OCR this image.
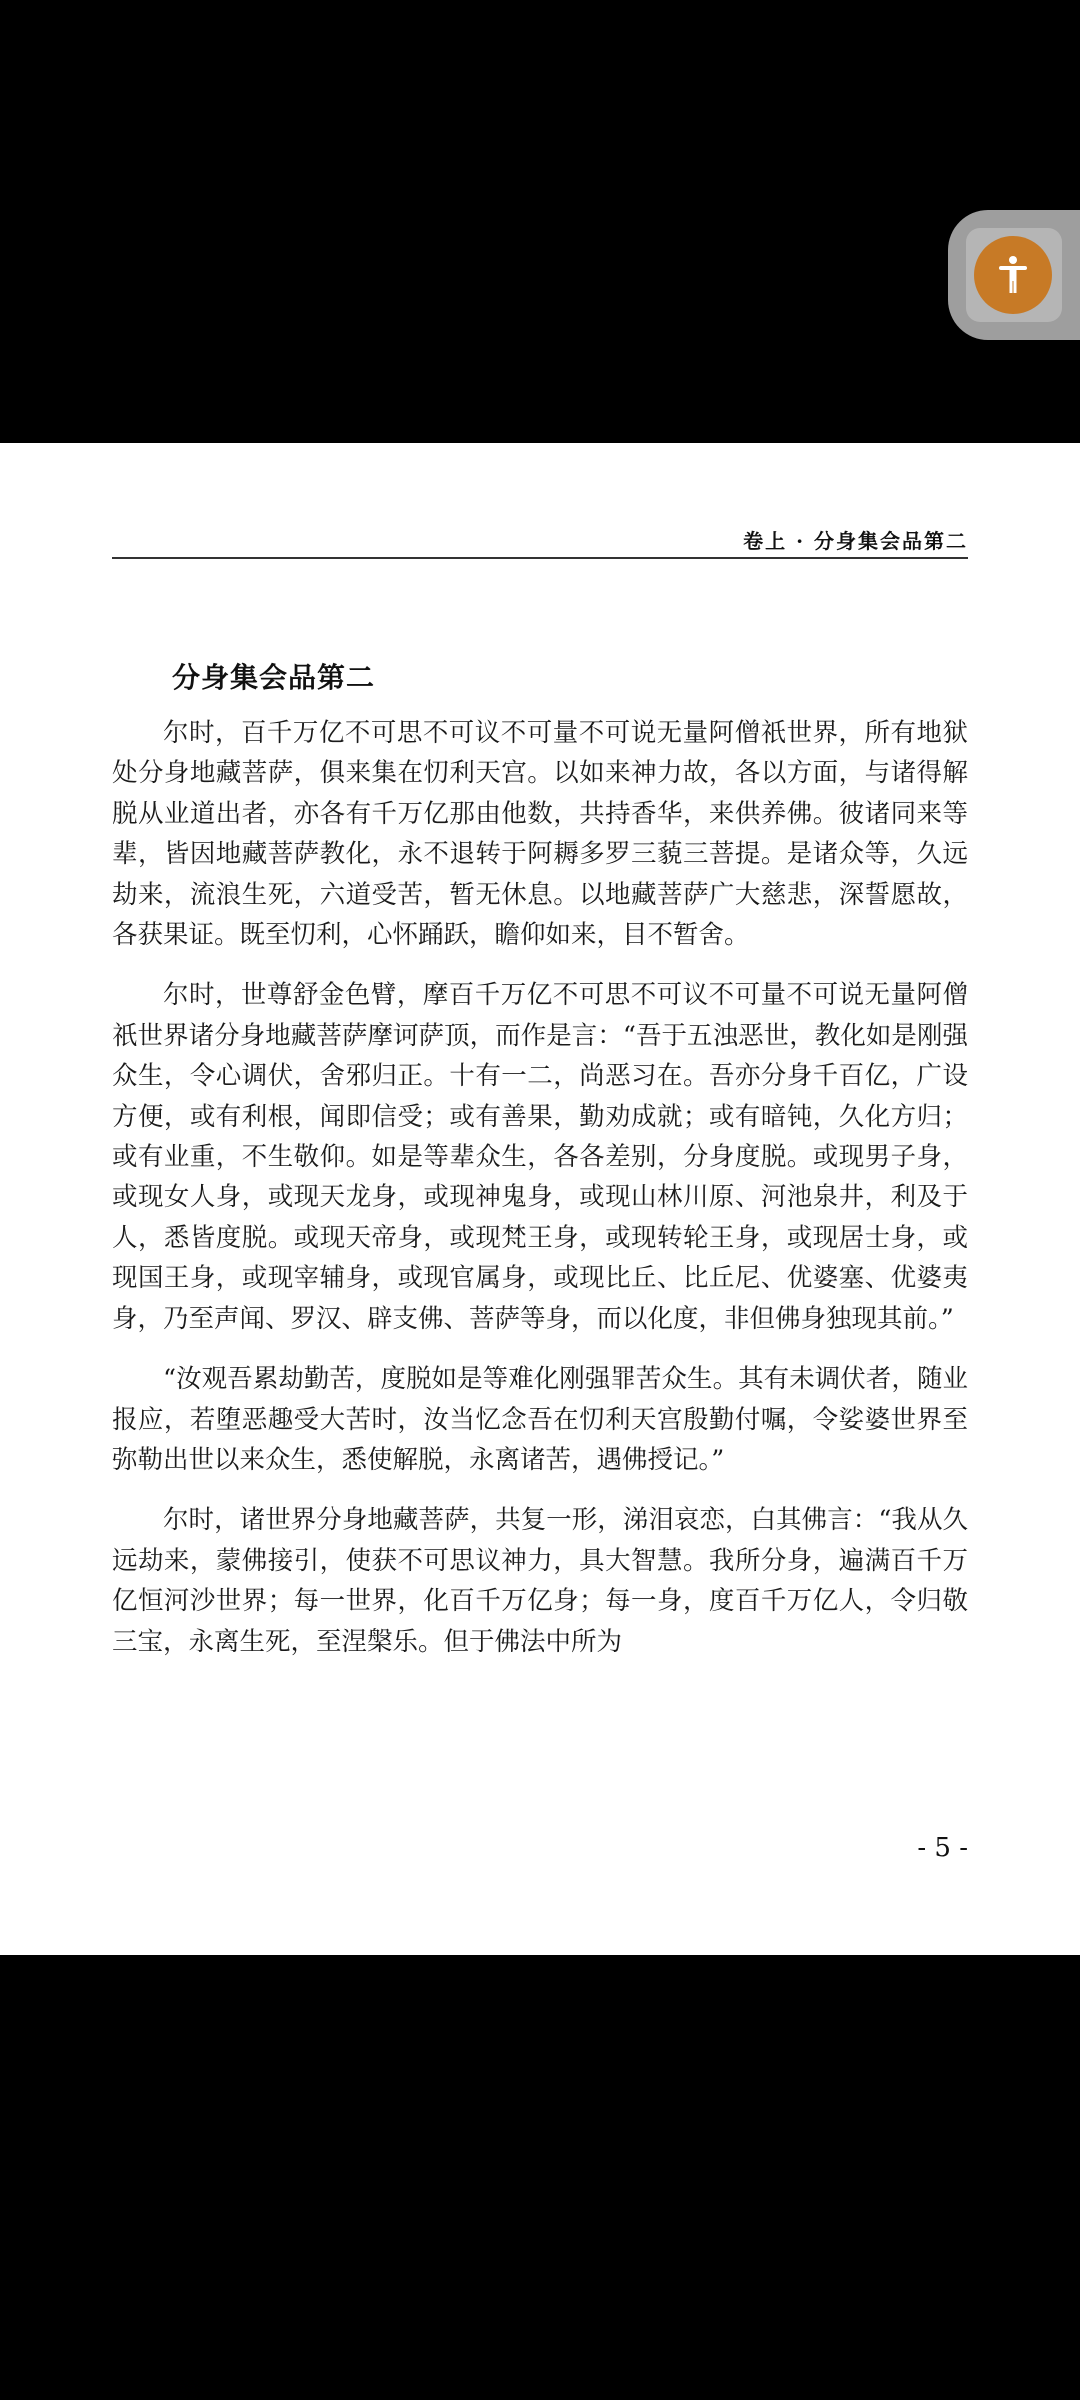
卷上 · 分身集会品第二
分身集会品第二

尔时，百千万亿不可思不可议不可量不可说无量阿僧祇世界，所有地狱处分身地藏菩萨，俱来集在忉利天宫。以如来神力故，各以方面，与诸得解脱从业道出者，亦各有千万亿那由他数，共持香华，来供养佛。彼诸同来等辈，皆因地藏菩萨教化，永不退转于阿耨多罗三藐三菩提。是诸众等，久远劫来，流浪生死，六道受苦，暂无休息。以地藏菩萨广大慈悲，深誓愿故，各获果证。既至忉利，心怀踊跃，瞻仰如来，目不暂舍。

尔时，世尊舒金色臂，摩百千万亿不可思不可议不可量不可说无量阿僧祇世界诸分身地藏菩萨摩诃萨顶，而作是言：“吾于五浊恶世，教化如是刚强众生，令心调伏，舍邪归正。十有一二，尚恶习在。吾亦分身千百亿，广设方便，或有利根，闻即信受；或有善果，勤劝成就；或有暗钝，久化方归；或有业重，不生敬仰。如是等辈众生，各各差别，分身度脱。或现男子身，或现女人身，或现天龙身，或现神鬼身，或现山林川原、河池泉井，利及于人，悉皆度脱。或现天帝身，或现梵王身，或现转轮王身，或现居士身，或现国王身，或现宰辅身，或现官属身，或现比丘、比丘尼、优婆塞、优婆夷身，乃至声闻、罗汉、辟支佛、菩萨等身，而以化度，非但佛身独现其前。”

“汝观吾累劫勤苦，度脱如是等难化刚强罪苦众生。其有未调伏者，随业报应，若堕恶趣受大苦时，汝当忆念吾在忉利天宫殷勤付嘱，令娑婆世界至弥勒出世以来众生，悉使解脱，永离诸苦，遇佛授记。”

尔时，诸世界分身地藏菩萨，共复一形，涕泪哀恋，白其佛言：“我从久远劫来，蒙佛接引，使获不可思议神力，具大智慧。我所分身，遍满百千万亿恒河沙世界；每一世界，化百千万亿身；每一身，度百千万亿人，令归敬三宝，永离生死，至涅槃乐。但于佛法中所为

- 5 -
